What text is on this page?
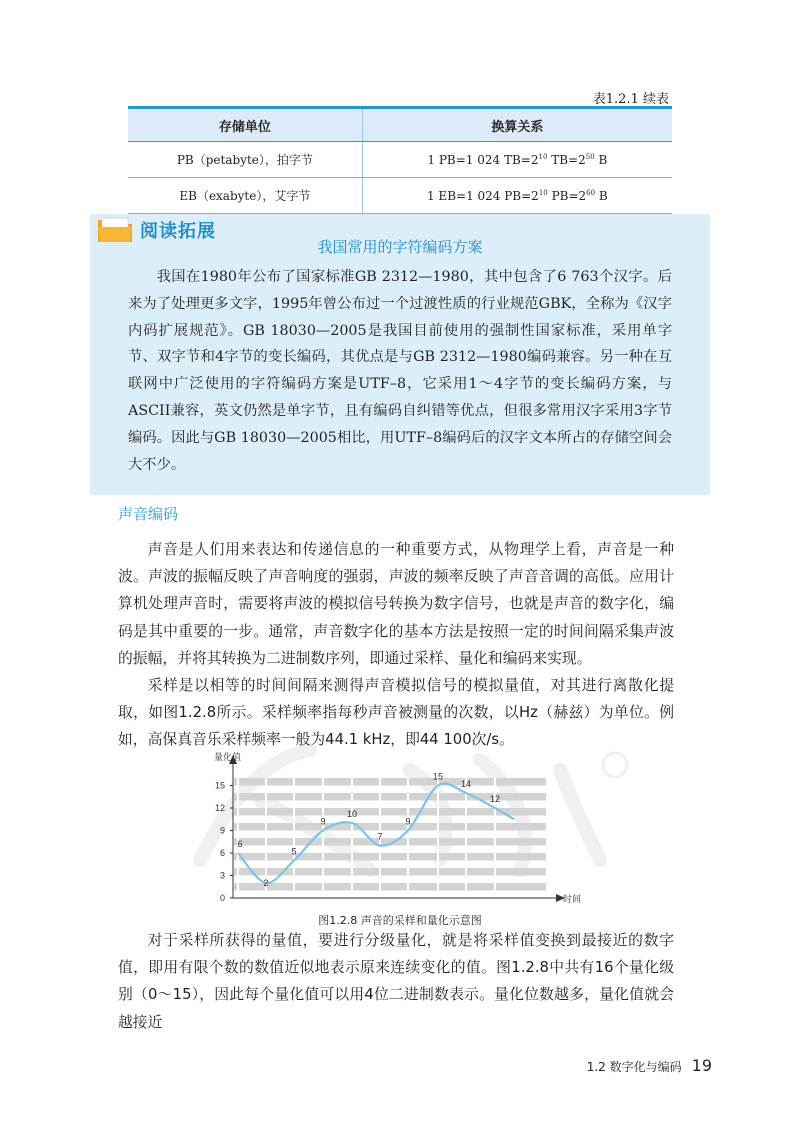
表1.2.1 续表
存储单位	换算关系
PB（petabyte），拍字节	1 PB=1 024 $TB=2^{10}$ $TB=2^{50}$ B
EB（exabyte），艾字节	1 EB=1 024 $PB=2^{10}$ $PB=2^{60}$ B
阅读拓展
我国常用的字符编码方案

我国在1980年公布了国家标准GB 2312—1980，其中包含了6 763个汉字。后来为了处理更多文字，1995年曾公布过一个过渡性质的行业规范GBK，全称为《汉字内码扩展规范》。GB 18030—2005是我国目前使用的强制性国家标准，采用单字节、双字节和4字节的变长编码，其优点是与GB 2312—1980编码兼容。另一种在互联网中广泛使用的字符编码方案是UTF–8，它采用1～4字节的变长编码方案，与ASCII兼容，英文仍然是单字节，且有编码自纠错等优点，但很多常用汉字采用3字节编码。因此与GB 18030—2005相比，用UTF–8编码后的汉字文本所占的存储空间会大不少。

声音编码

声音是人们用来表达和传递信息的一种重要方式，从物理学上看，声音是一种波。声波的振幅反映了声音响度的强弱，声波的频率反映了声音音调的高低。应用计算机处理声音时，需要将声波的模拟信号转换为数字信号，也就是声音的数字化，编码是其中重要的一步。通常，声音数字化的基本方法是按照一定的时间间隔采集声波的振幅，并将其转换为二进制数序列，即通过采样、量化和编码来实现。

采样是以相等的时间间隔来测得声音模拟信号的模拟量值，对其进行离散化提取，如图1.2.8所示。采样频率指每秒声音被测量的次数，以Hz（赫兹）为单位。例如，高保真音乐采样频率一般为44.1 kHz，即44 100次/s。

0
3
6
9
12
15
6
2
5
9
10
7
9
15
14
12
量化值
时间
图1.2.8 声音的采样和量化示意图

对于采样所获得的量值，要进行分级量化，就是将采样值变换到最接近的数字值，即用有限个数的数值近似地表示原来连续变化的值。图1.2.8中共有16个量化级别（0～15），因此每个量化值可以用4位二进制数表示。量化位数越多，量化值就会越接近

1.2 数字化与编码 19
